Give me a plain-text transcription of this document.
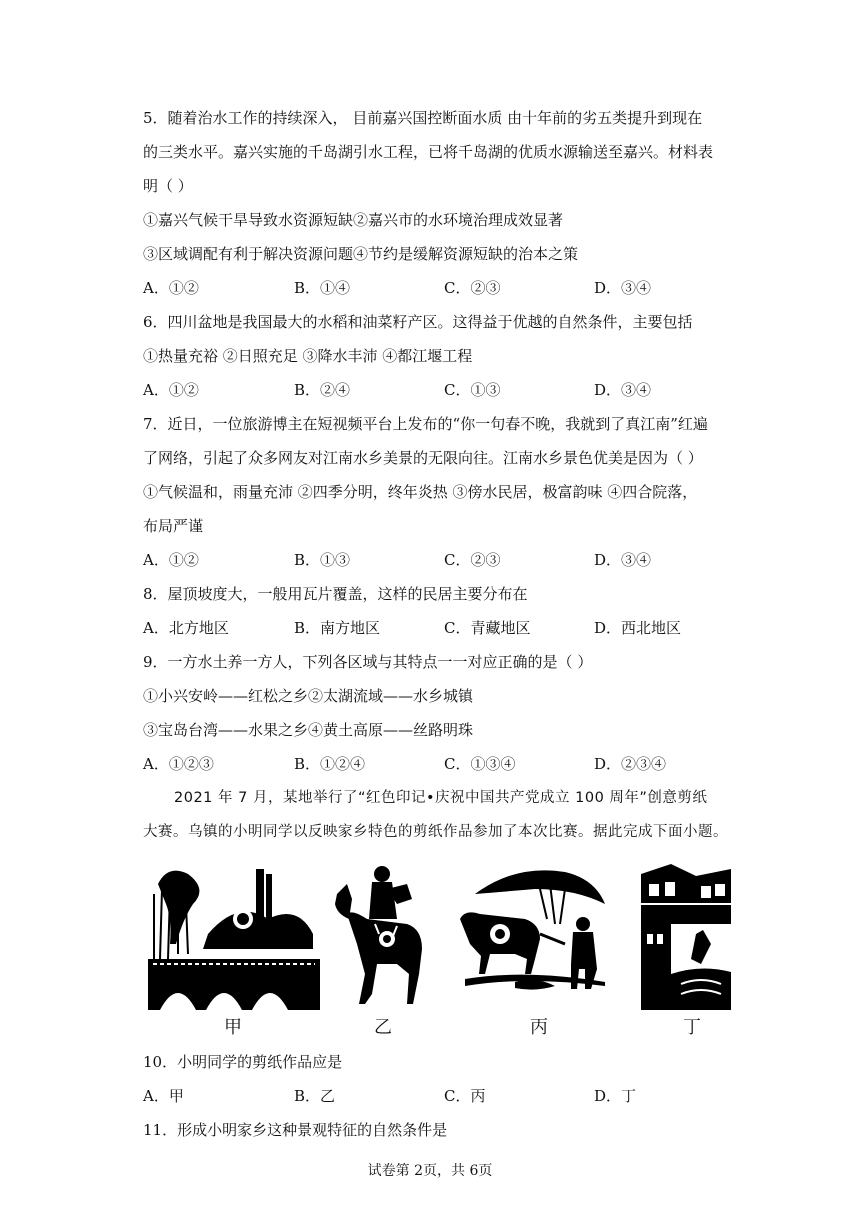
5．随着治水工作的持续深入， 目前嘉兴国控断面水质 由十年前的劣五类提升到现在
的三类水平。嘉兴实施的千岛湖引水工程，已将千岛湖的优质水源输送至嘉兴。材料表
明（ ）
①嘉兴气候干旱导致水资源短缺②嘉兴市的水环境治理成效显著
③区域调配有利于解决资源问题④节约是缓解资源短缺的治本之策
A．①②	B．①④	C．②③	D．③④
6．四川盆地是我国最大的水稻和油菜籽产区。这得益于优越的自然条件，主要包括
①热量充裕 ②日照充足 ③降水丰沛 ④都江堰工程
A．①②	B．②④	C．①③	D．③④
7．近日，一位旅游博主在短视频平台上发布的“你一句春不晚，我就到了真江南”红遍
了网络，引起了众多网友对江南水乡美景的无限向往。江南水乡景色优美是因为（ ）
①气候温和，雨量充沛 ②四季分明，终年炎热 ③傍水民居，极富韵味 ④四合院落，
布局严谨
A．①②	B．①③	C．②③	D．③④
8．屋顶坡度大，一般用瓦片覆盖，这样的民居主要分布在
A．北方地区	B．南方地区	C．青藏地区	D．西北地区
9．一方水土养一方人，下列各区域与其特点一一对应正确的是（ ）
①小兴安岭——红松之乡②太湖流域——水乡城镇
③宝岛台湾——水果之乡④黄土高原——丝路明珠
A．①②③	B．①②④	C．①③④	D．②③④
2021 年 7 月，某地举行了“红色印记•庆祝中国共产党成立 100 周年”创意剪纸
大赛。乌镇的小明同学以反映家乡特色的剪纸作品参加了本次比赛。据此完成下面小题。
甲	乙	丙	丁
10．小明同学的剪纸作品应是
A．甲	B．乙	C．丙	D．丁
11．形成小明家乡这种景观特征的自然条件是
试卷第 2页，共 6页
